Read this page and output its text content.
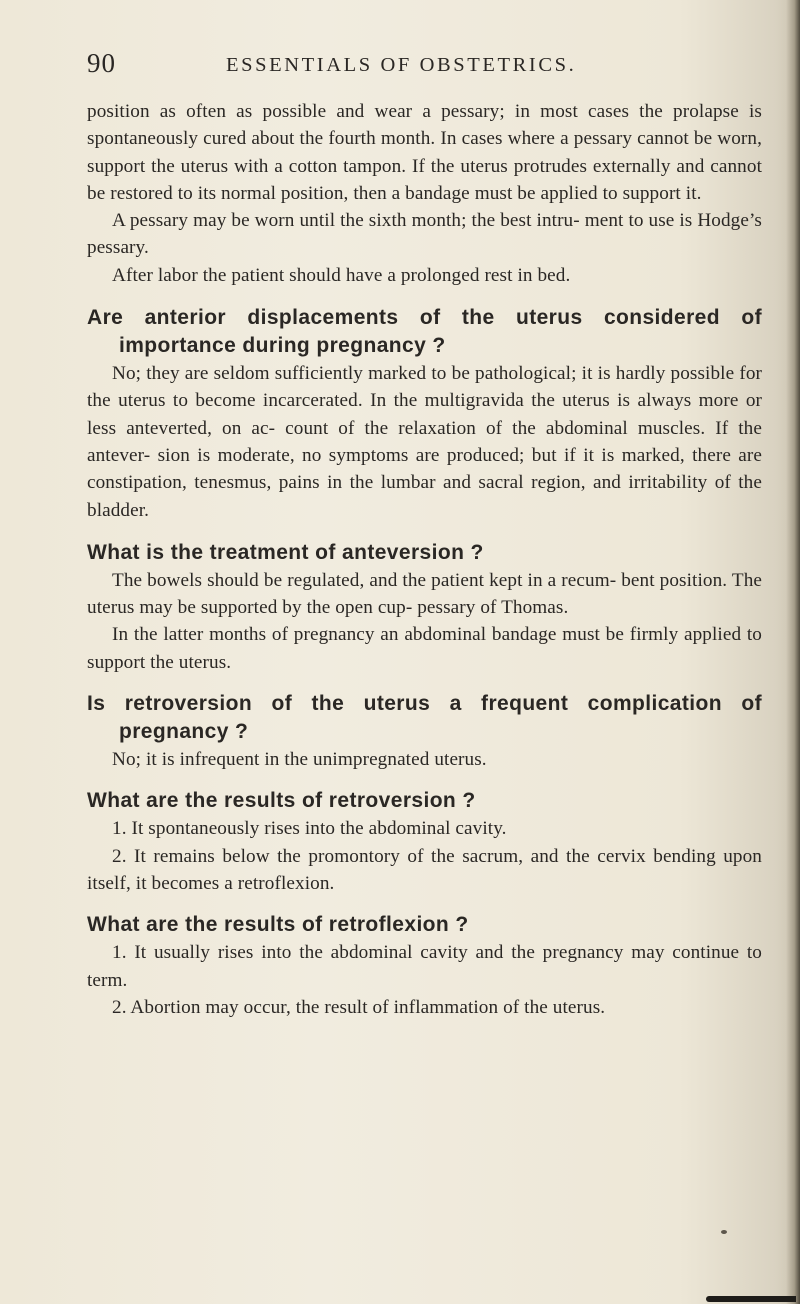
90	ESSENTIALS OF OBSTETRICS.

position as often as possible and wear a pessary; in most cases the prolapse is spontaneously cured about the fourth month. In cases where a pessary cannot be worn, support the uterus with a cotton tampon. If the uterus protrudes externally and cannot be restored to its normal position, then a bandage must be applied to support it.

A pessary may be worn until the sixth month; the best intru- ment to use is Hodge’s pessary.

After labor the patient should have a prolonged rest in bed.

Are anterior displacements of the uterus considered of importance during pregnancy ?

No; they are seldom sufficiently marked to be pathological; it is hardly possible for the uterus to become incarcerated. In the multigravida the uterus is always more or less anteverted, on ac- count of the relaxation of the abdominal muscles. If the antever- sion is moderate, no symptoms are produced; but if it is marked, there are constipation, tenesmus, pains in the lumbar and sacral region, and irritability of the bladder.

What is the treatment of anteversion ?

The bowels should be regulated, and the patient kept in a recum- bent position. The uterus may be supported by the open cup- pessary of Thomas.

In the latter months of pregnancy an abdominal bandage must be firmly applied to support the uterus.

Is retroversion of the uterus a frequent complication of pregnancy ?

No; it is infrequent in the unimpregnated uterus.

What are the results of retroversion ?

1. It spontaneously rises into the abdominal cavity.

2. It remains below the promontory of the sacrum, and the cervix bending upon itself, it becomes a retroflexion.

What are the results of retroflexion ?

1. It usually rises into the abdominal cavity and the pregnancy may continue to term.

2. Abortion may occur, the result of inflammation of the uterus.
